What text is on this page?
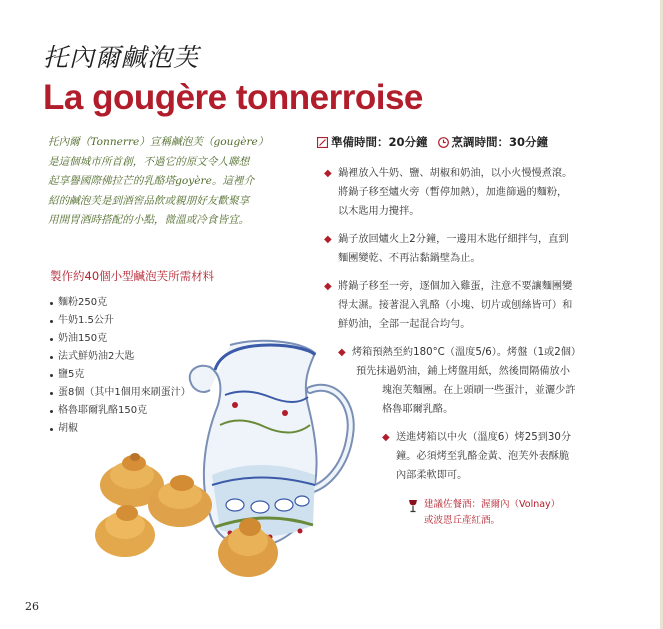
托內爾鹹泡芙
La gougère tonnerroise
托內爾（Tonnerre）宣稱鹹泡芙（gougère）
是這個城市所首創，不過它的原文令人聯想
起享譽國際佛拉芒的乳酪塔goyère。這裡介
紹的鹹泡芙是到酒窖品飲或親朋好友歡聚享
用開胃酒時搭配的小點，微溫或冷食皆宜。
製作約40個小型鹹泡芙所需材料
麵粉250克
牛奶1.5公升
奶油150克
法式鮮奶油2大匙
鹽5克
蛋8個（其中1個用來刷蛋汁）
格魯耶爾乳酪150克
胡椒
準備時間：20分鐘 烹調時間：30分鐘
◆ 鍋裡放入牛奶、鹽、胡椒和奶油，以小火慢慢煮滾。
將鍋子移至爐火旁（暫停加熱），加進篩過的麵粉，
以木匙用力攪拌。
◆ 鍋子放回爐火上2分鐘，一邊用木匙仔細拌勻，直到
麵團變乾、不再沾黏鍋壁為止。
◆ 將鍋子移至一旁，逐個加入雞蛋，注意不要讓麵團變
得太濕。接著混入乳酪（小塊、切片或刨絲皆可）和
鮮奶油，全部一起混合均勻。
◆ 烤箱預熱至約180°C（溫度5/6）。烤盤（1或2個）
預先抹過奶油，鋪上烤盤用紙，然後間隔備放小
塊泡芙麵團。在上頭刷一些蛋汁，並灑少許
格魯耶爾乳酪。
◆ 送進烤箱以中火（溫度6）烤25到30分
鐘。必須烤至乳酪金黃、泡芙外表酥脆
內部柔軟即可。
建議佐餐酒：渥爾內（Volnay）
或波恩丘產紅酒。
26
